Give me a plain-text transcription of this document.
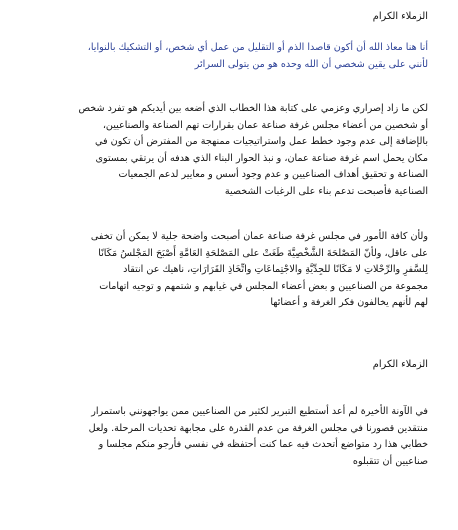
الزملاء الكرام

أنا هنا معاذ الله أن أكون قاصدا الذم أو التقليل من عمل أي شخص، أو التشكيك بالنوايا،
لأنني على يقين شخصي أن الله وحده هو من يتولى السرائر

لكن ما زاد إصراري وعزمي على كتابة هذا الخطاب الذي أضعه بين أيديكم هو تفرد شخص
أو شخصين من أعضاء مجلس غرفة صناعة عمان بقرارات تهم الصناعة والصناعيين،
بالإضافة إلى عدم وجود خطط عمل واستراتيجيات ممنهجة من المفترض أن تكون في
مكان يحمل اسم غرفة صناعة عمان، و نبذ الحوار البناء الذي هدفه أن يرتقي بمستوى
الصناعة و تحقيق أهداف الصناعيين و عدم وجود أسس و معايير لدعم الجمعيات
الصناعية فأصبحت تدعم بناء على الرغبات الشخصية

ولأن كافة الأمور في مجلس غرفة صناعة عمان أصبحت واضحة جلية لا يمكن أن تخفى
على عاقل، ولأنّ المَصْلحَةَ الشَّخْصِيَّةَ طَغَتْ على المَصْلحَةِ العَامَّةِ أَصْبَحَ المَجْلسُ مَكَانًا
لِلسَّفرِ والرِّحْلاتِ لا مَكَانًا للجِدِّيَّةِ والاجْتِماعَاتِ واتِّخَاذِ القَرَارَاتِ، ناهيك عن انتقاد
مجموعة من الصناعيين و بعض أعضاء المجلس في غيابهم و شتمهم و توجيه اتهامات
لهم لأنهم يخالفون فكر الغرفة و أعضائها

الزملاء الكرام

في الآونة الأخيرة لم أعد أستطيع التبرير لكثير من الصناعيين ممن يواجهونني باستمرار
منتقدين قصورنا في مجلس الغرفة من عدم القدرة على مجابهة تحديات المرحلة. ولعل
خطابي هذا رد متواضع أتحدث فيه عما كنت أحتفظه في نفسي فأرجو منكم مجلسا و
صناعيين أن تتقبلوه
